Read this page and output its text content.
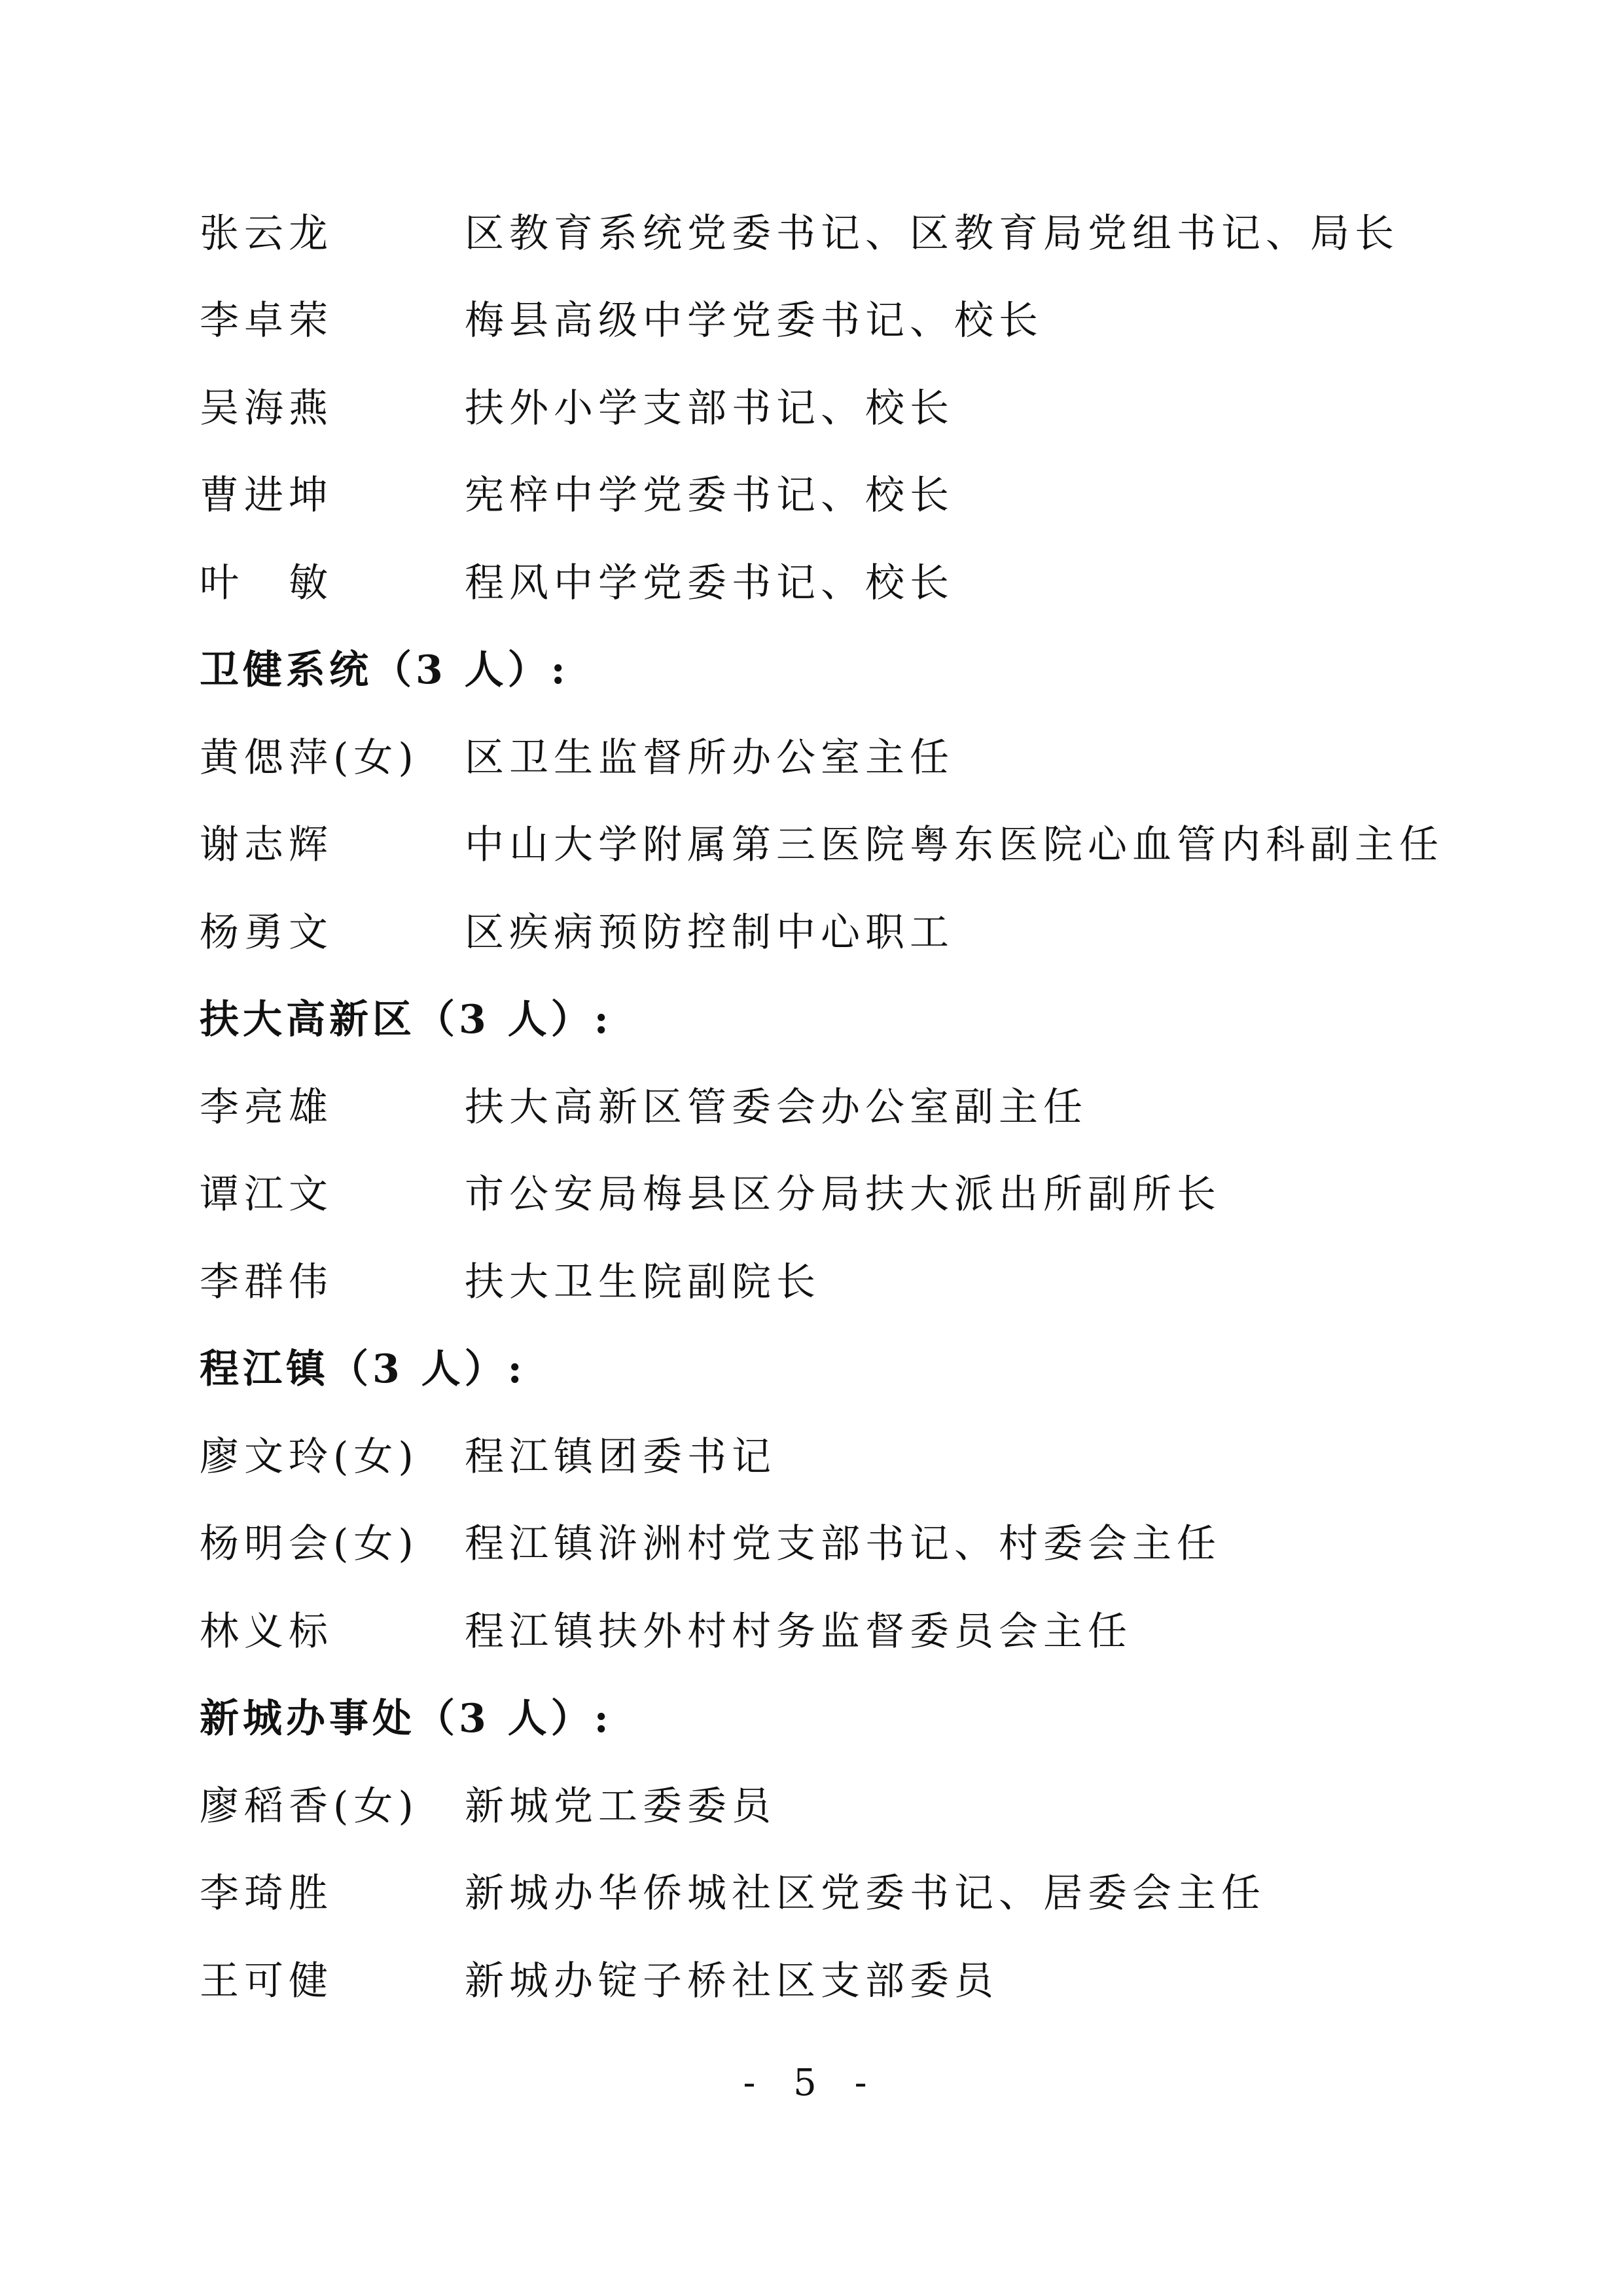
张云龙	区教育系统党委书记、区教育局党组书记、局长
李卓荣	梅县高级中学党委书记、校长
吴海燕	扶外小学支部书记、校长
曹进坤	宪梓中学党委书记、校长
叶　敏	程风中学党委书记、校长
卫健系统（3 人）:
黄偲萍(女)	区卫生监督所办公室主任
谢志辉	中山大学附属第三医院粤东医院心血管内科副主任
杨勇文	区疾病预防控制中心职工
扶大高新区（3 人）:
李亮雄	扶大高新区管委会办公室副主任
谭江文	市公安局梅县区分局扶大派出所副所长
李群伟	扶大卫生院副院长
程江镇（3 人）:
廖文玲(女)	程江镇团委书记
杨明会(女)	程江镇浒洲村党支部书记、村委会主任
林义标	程江镇扶外村村务监督委员会主任
新城办事处（3 人）:
廖稻香(女)	新城党工委委员
李琦胜	新城办华侨城社区党委书记、居委会主任
王可健	新城办锭子桥社区支部委员
- 5 -
